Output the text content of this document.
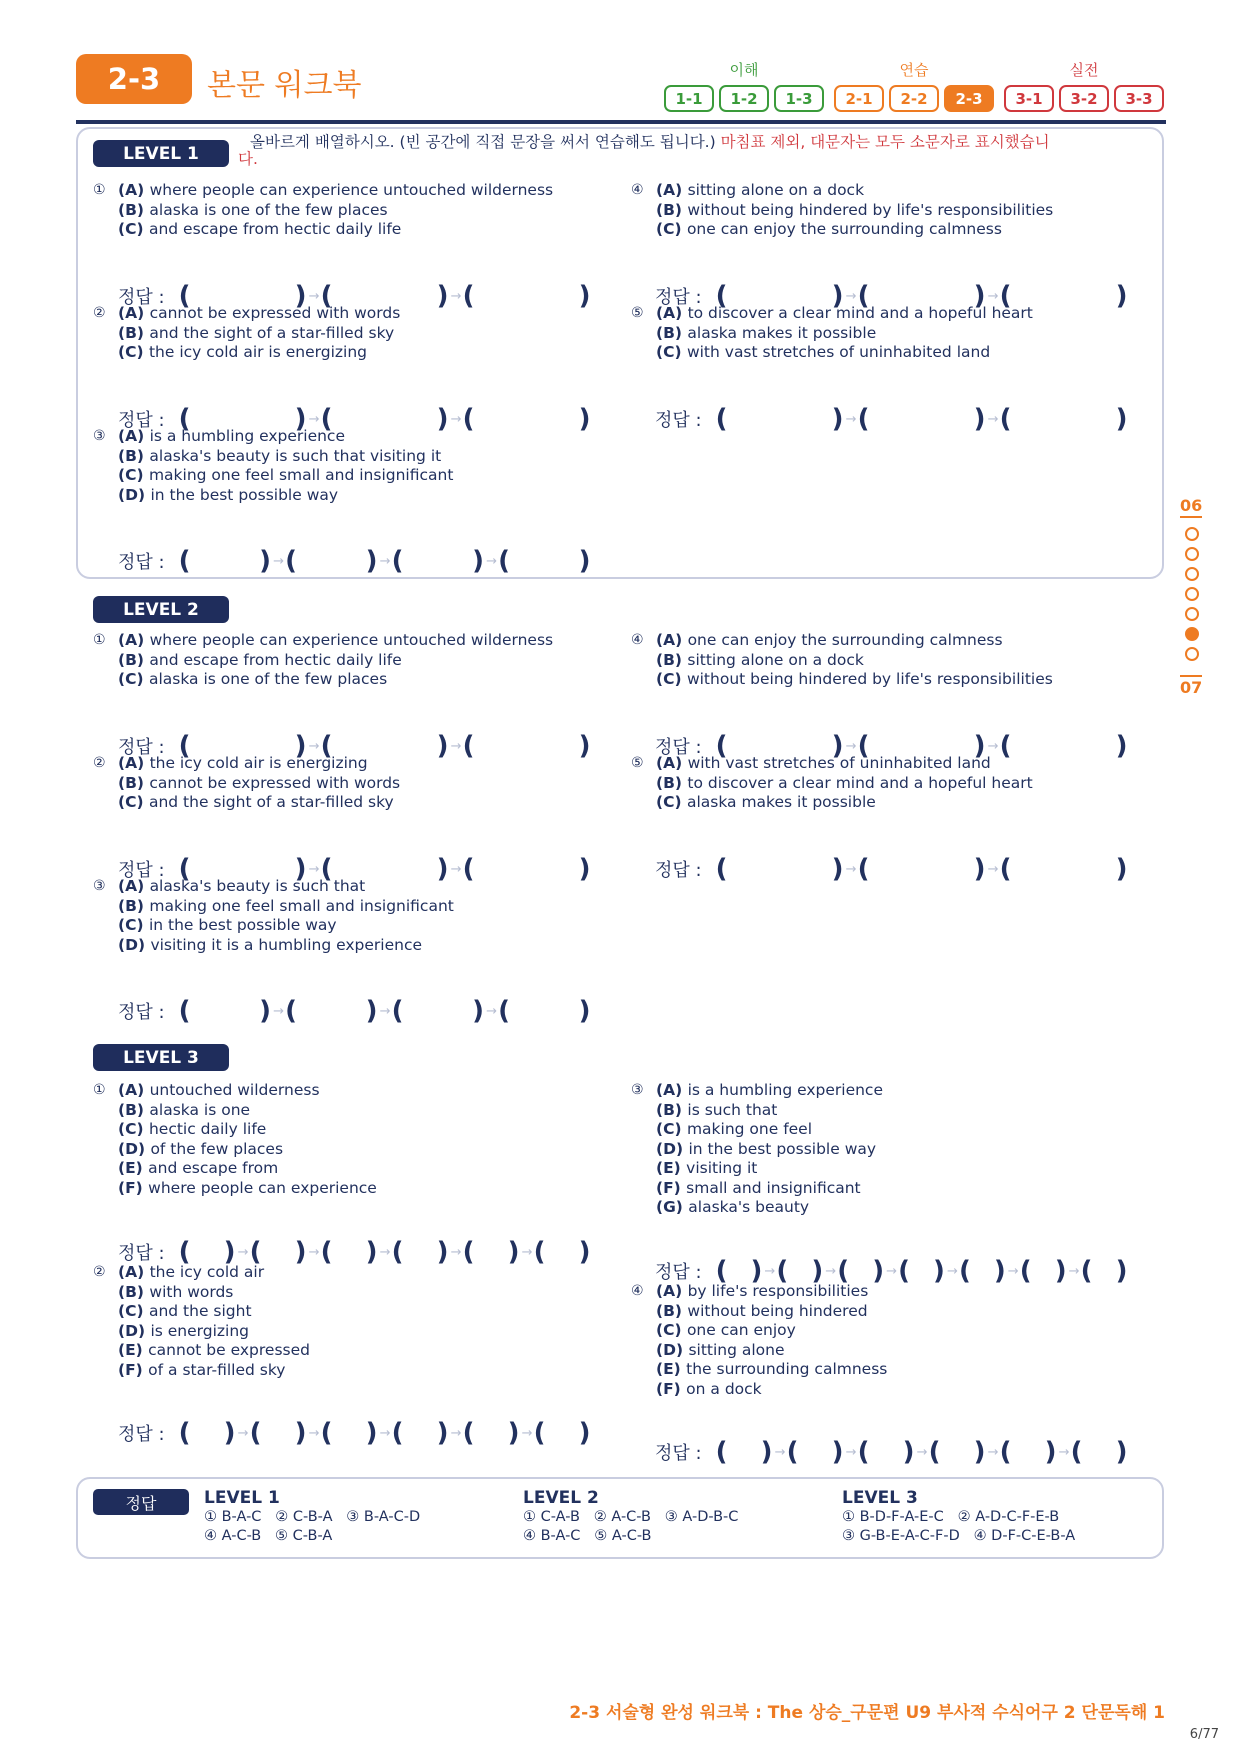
2-3	본문 워크북	이해	연습	실전
1-1	1-2	1-3	2-1	2-2	2-3	3-1	3-2	3-3
LEVEL 1
올바르게 배열하시오. (빈 공간에 직접 문장을 써서 연습해도 됩니다.) 마침표 제외, 대문자는 모두 소문자로 표시했습니
다.
① (A) where people can experience untouched wilderness
(B) alaska is one of the few places
(C) and escape from hectic daily life
정답 : (	) → (	) → (	)
④ (A) sitting alone on a dock
(B) without being hindered by life's responsibilities
(C) one can enjoy the surrounding calmness
정답 : (	) → (	) → (	)
② (A) cannot be expressed with words
(B) and the sight of a star-filled sky
(C) the icy cold air is energizing
정답 : (	) → (	) → (	)
⑤ (A) to discover a clear mind and a hopeful heart
(B) alaska makes it possible
(C) with vast stretches of uninhabited land
정답 : (	) → (	) → (	)
③ (A) is a humbling experience
(B) alaska's beauty is such that visiting it
(C) making one feel small and insignificant
(D) in the best possible way
정답 : (	) → (	) → (	) → (	)
① (A) where people can experience untouched wilderness
(B) and escape from hectic daily life
(C) alaska is one of the few places
정답 : (	) → (	) → (	)
④ (A) one can enjoy the surrounding calmness
(B) sitting alone on a dock
(C) without being hindered by life's responsibilities
정답 : (	) → (	) → (	)
② (A) the icy cold air is energizing
(B) cannot be expressed with words
(C) and the sight of a star-filled sky
정답 : (	) → (	) → (	)
⑤ (A) with vast stretches of uninhabited land
(B) to discover a clear mind and a hopeful heart
(C) alaska makes it possible
정답 : (	) → (	) → (	)
③ (A) alaska's beauty is such that
(B) making one feel small and insignificant
(C) in the best possible way
(D) visiting it is a humbling experience
정답 : (	) → (	) → (	) → (	)
① (A) untouched wilderness
(B) alaska is one
(C) hectic daily life
(D) of the few places
(E) and escape from
(F) where people can experience
정답 : ( ) → ( ) → ( ) → ( ) → ( ) → ( )
③ (A) is a humbling experience
(B) is such that
(C) making one feel
(D) in the best possible way
(E) visiting it
(F) small and insignificant
(G) alaska's beauty
정답 : ( ) → ( ) → ( ) → ( ) → ( ) → ( ) → ( )
② (A) the icy cold air
(B) with words
(C) and the sight
(D) is energizing
(E) cannot be expressed
(F) of a star-filled sky
정답 : ( ) → ( ) → ( ) → ( ) → ( ) → ( )
④ (A) by life's responsibilities
(B) without being hindered
(C) one can enjoy
(D) sitting alone
(E) the surrounding calmness
(F) on a dock
정답 : ( ) → ( ) → ( ) → ( ) → ( ) → ( )
LEVEL 2
LEVEL 3
정답	LEVEL 1
① B-A-C   ② C-B-A   ③ B-A-C-D
④ A-C-B   ⑤ C-B-A
LEVEL 2
① C-A-B   ② A-C-B   ③ A-D-B-C
④ B-A-C   ⑤ A-C-B
LEVEL 3
① B-D-F-A-E-C   ② A-D-C-F-E-B
③ G-B-E-A-C-F-D   ④ D-F-C-E-B-A
06
07
2-3 서술형 완성 워크북 : The 상승_구문편 U9 부사적 수식어구 2 단문독해 1
6/77
